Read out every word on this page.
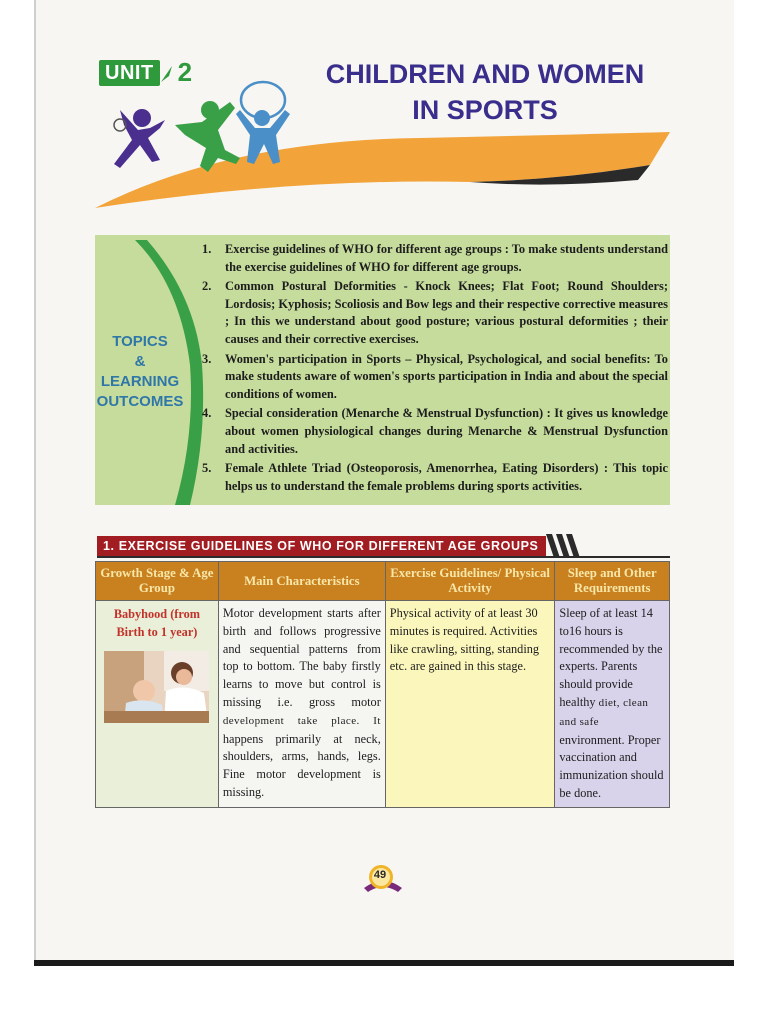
UNIT 2	CHILDREN AND WOMEN
IN SPORTS
TOPICS
&
LEARNING
OUTCOMES
1. Exercise guidelines of WHO for different age groups : To make students understand the exercise guidelines of WHO for different age groups.
2. Common Postural Deformities - Knock Knees; Flat Foot; Round Shoulders; Lordosis; Kyphosis; Scoliosis and Bow legs and their respective corrective measures ; In this we understand about good posture; various postural deformities ; their causes and their corrective exercises.
3. Women's participation in Sports – Physical, Psychological, and social benefits: To make students aware of women's sports participation in India and about the special conditions of women.
4. Special consideration (Menarche & Menstrual Dysfunction) : It gives us knowledge about women physiological changes during Menarche & Menstrual Dysfunction and activities.
5. Female Athlete Triad (Osteoporosis, Amenorrhea, Eating Disorders) : This topic helps us to understand the female problems during sports activities.
1. EXERCISE GUIDELINES OF WHO FOR DIFFERENT AGE GROUPS
Growth Stage & Age Group	Main Characteristics	Exercise Guidelines/ Physical Activity	Sleep and Other Requirements

Babyhood (from Birth to 1 year)	Motor development starts after birth and follows progressive and sequential patterns from top to bottom. The baby firstly learns to move but control is missing i.e. gross motor development take place. It happens primarily at neck, shoulders, arms, hands, legs. Fine motor development is missing.	Physical activity of at least 30 minutes is required. Activities like crawling, sitting, standing etc. are gained in this stage.	Sleep of at least 14 to16 hours is recommended by the experts. Parents should provide healthy diet, clean and safe environment. Proper vaccination and immunization should be done.
49
